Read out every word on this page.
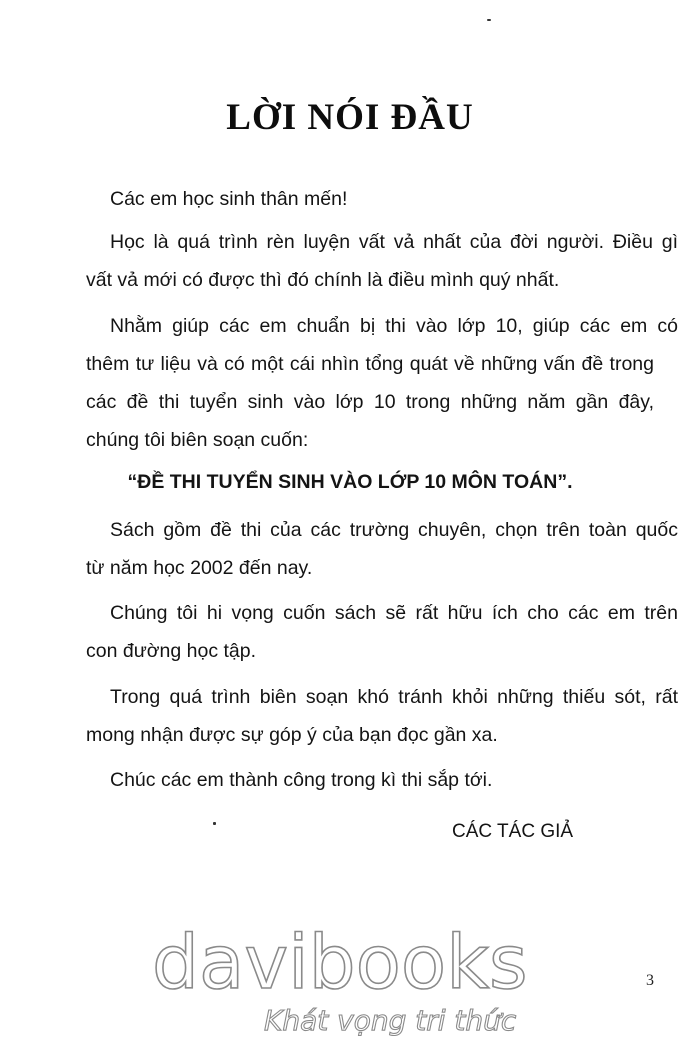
LỜI NÓI ĐẦU
Các em học sinh thân mến!
Học là quá trình rèn luyện vất vả nhất của đời người. Điều gì
vất vả mới có được thì đó chính là điều mình quý nhất.
Nhằm giúp các em chuẩn bị thi vào lớp 10, giúp các em có
thêm tư liệu và có một cái nhìn tổng quát về những vấn đề trong
các đề thi tuyển sinh vào lớp 10 trong những năm gần đây,
chúng tôi biên soạn cuốn:
“ĐỀ THI TUYỂN SINH VÀO LỚP 10 MÔN TOÁN”.
Sách gồm đề thi của các trường chuyên, chọn trên toàn quốc
từ năm học 2002 đến nay.
Chúng tôi hi vọng cuốn sách sẽ rất hữu ích cho các em trên
con đường học tập.
Trong quá trình biên soạn khó tránh khỏi những thiếu sót, rất
mong nhận được sự góp ý của bạn đọc gần xa.
Chúc các em thành công trong kì thi sắp tới.
CÁC TÁC GIẢ
davibooks
Khát vọng tri thức
3
